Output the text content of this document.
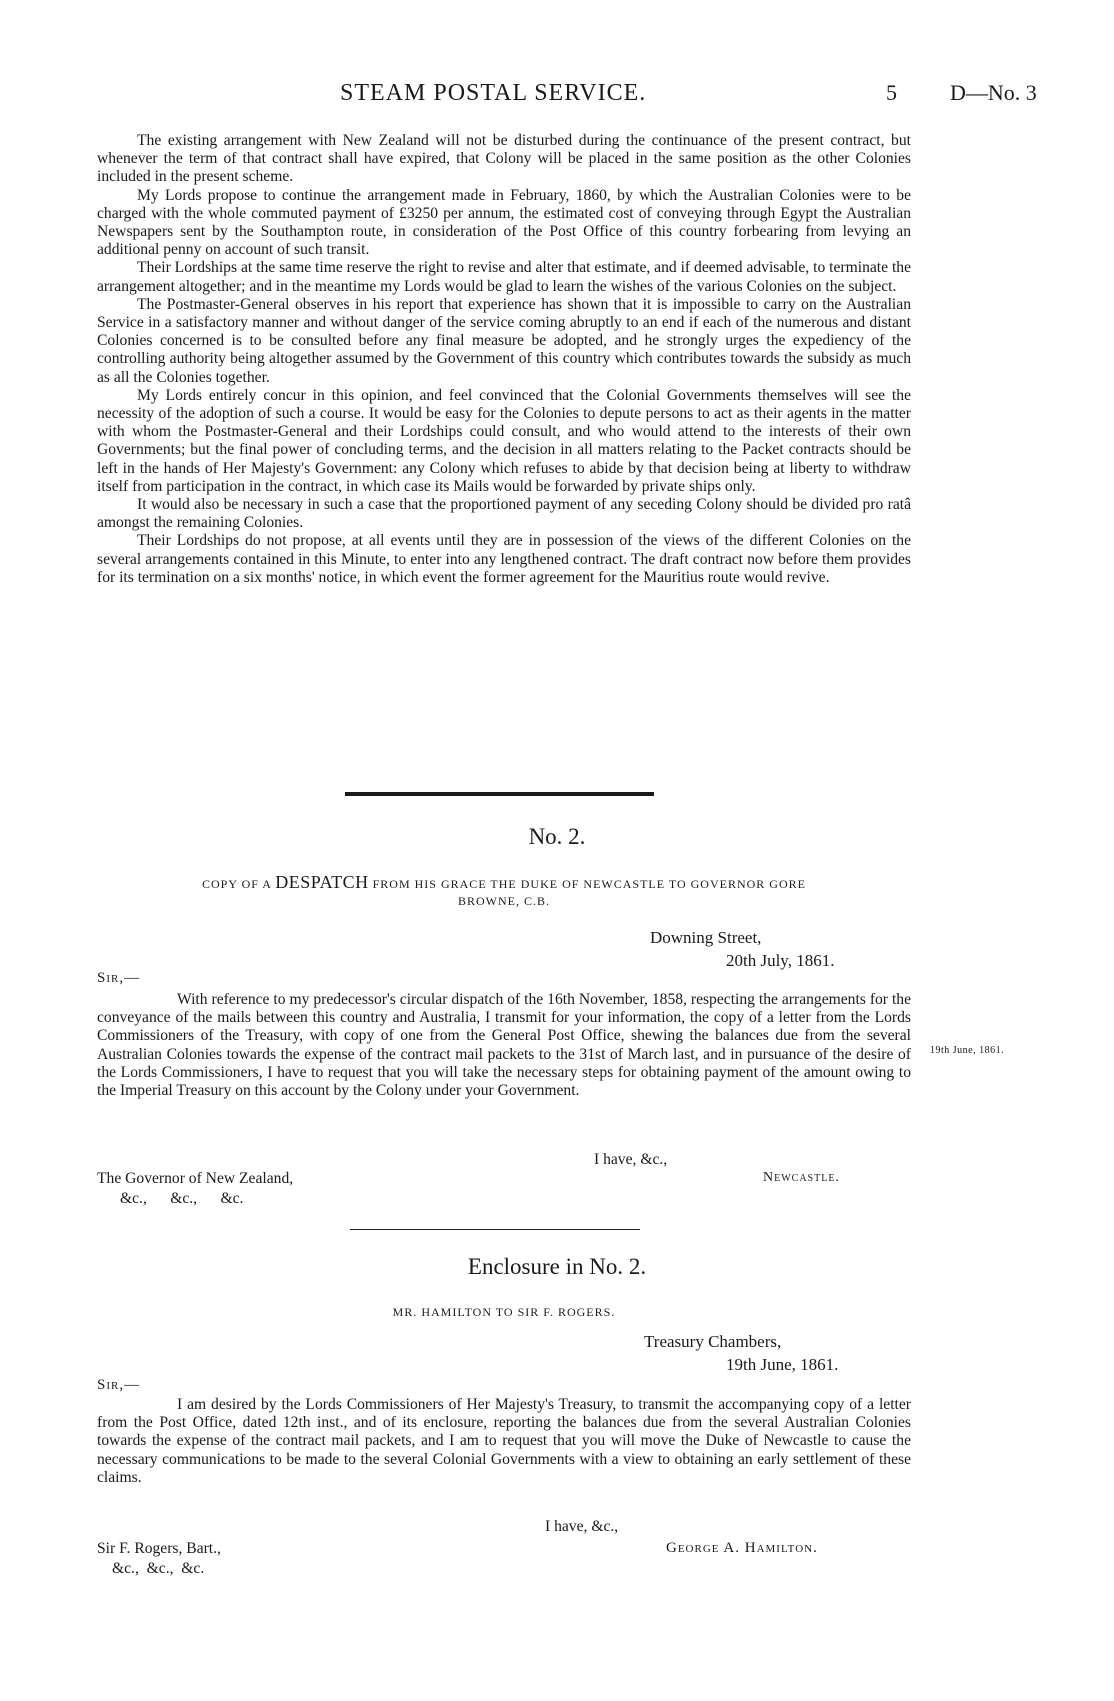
STEAM POSTAL SERVICE.	5 D—No. 3

The existing arrangement with New Zealand will not be disturbed during the continuance of the present contract, but whenever the term of that contract shall have expired, that Colony will be placed in the same position as the other Colonies included in the present scheme.

My Lords propose to continue the arrangement made in February, 1860, by which the Australian Colonies were to be charged with the whole commuted payment of £3250 per annum, the estimated cost of conveying through Egypt the Australian Newspapers sent by the Southampton route, in consideration of the Post Office of this country forbearing from levying an additional penny on account of such transit.

Their Lordships at the same time reserve the right to revise and alter that estimate, and if deemed advisable, to terminate the arrangement altogether; and in the meantime my Lords would be glad to learn the wishes of the various Colonies on the subject.

The Postmaster-General observes in his report that experience has shown that it is impossible to carry on the Australian Service in a satisfactory manner and without danger of the service coming abruptly to an end if each of the numerous and distant Colonies concerned is to be consulted before any final measure be adopted, and he strongly urges the expediency of the controlling authority being altogether assumed by the Government of this country which contributes towards the subsidy as much as all the Colonies together.

My Lords entirely concur in this opinion, and feel convinced that the Colonial Governments themselves will see the necessity of the adoption of such a course. It would be easy for the Colonies to depute persons to act as their agents in the matter with whom the Postmaster-General and their Lordships could consult, and who would attend to the interests of their own Governments; but the final power of concluding terms, and the decision in all matters relating to the Packet contracts should be left in the hands of Her Majesty's Government: any Colony which refuses to abide by that decision being at liberty to withdraw itself from participation in the contract, in which case its Mails would be forwarded by private ships only.

It would also be necessary in such a case that the proportioned payment of any seceding Colony should be divided pro ratâ amongst the remaining Colonies.

Their Lordships do not propose, at all events until they are in possession of the views of the different Colonies on the several arrangements contained in this Minute, to enter into any lengthened contract. The draft contract now before them provides for its termination on a six months' notice, in which event the former agreement for the Mauritius route would revive.

No. 2.
COPY OF A DESPATCH FROM HIS GRACE THE DUKE OF NEWCASTLE TO GOVERNOR GORE
BROWNE, C.B.
Downing Street,
20th July, 1861.
Sir,—

With reference to my predecessor's circular dispatch of the 16th November, 1858, respecting the arrangements for the conveyance of the mails between this country and Australia, I transmit for your information, the copy of a letter from the Lords Commissioners of the Treasury, with copy of one from the General Post Office, shewing the balances due from the several Australian Colonies towards the expense of the contract mail packets to the 31st of March last, and in pursuance of the desire of the Lords Commissioners, I have to request that you will take the necessary steps for obtaining payment of the amount owing to the Imperial Treasury on this account by the Colony under your Government.

19th June, 1861.
I have, &c.,
The Governor of New Zealand,	Newcastle.
&c.,      &c.,      &c.
Enclosure in No. 2.
MR. HAMILTON TO SIR F. ROGERS.
Treasury Chambers,
19th June, 1861.
Sir,—

I am desired by the Lords Commissioners of Her Majesty's Treasury, to transmit the accompanying copy of a letter from the Post Office, dated 12th inst., and of its enclosure, reporting the balances due from the several Australian Colonies towards the expense of the contract mail packets, and I am to request that you will move the Duke of Newcastle to cause the necessary communications to be made to the several Colonial Governments with a view to obtaining an early settlement of these claims.

I have, &c.,
Sir F. Rogers, Bart.,	George A. Hamilton.
&c.,  &c.,  &c.
